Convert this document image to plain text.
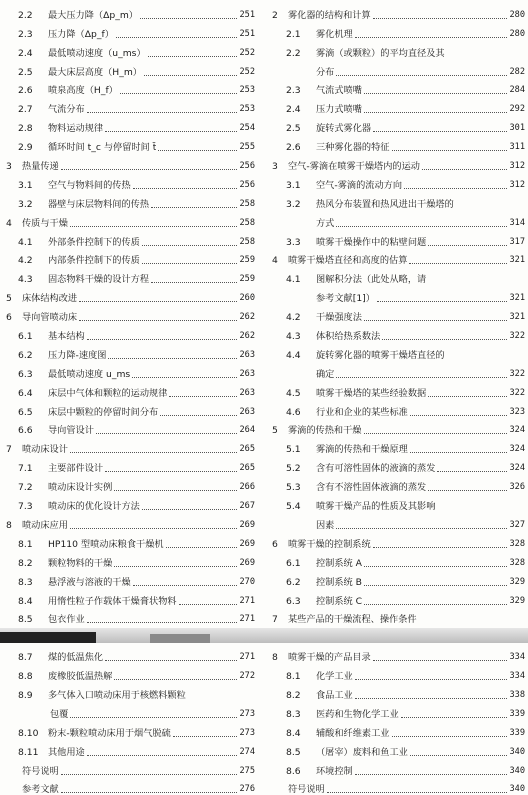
2.2	最大压力降（Δp_m）	251
2.3	压力降（Δp_f）	251
2.4	最低喷动速度（u_ms）	252
2.5	最大床层高度（H_m）	252
2.6	喷泉高度（H_f）	253
2.7	气流分布	253
2.8	物料运动规律	254
2.9	循环时间 t_c 与停留时间 t̄	255
3	热量传递	256
3.1	空气与物料间的传热	256
3.2	器壁与床层物料间的传热	258
4	传质与干燥	258
4.1	外部条件控制下的传质	258
4.2	内部条件控制下的传质	259
4.3	固态物料干燥的设计方程	259
5	床体结构改进	260
6	导向管喷动床	262
6.1	基本结构	262
6.2	压力降-速度图	263
6.3	最低喷动速度 u_ms	263
6.4	床层中气体和颗粒的运动规律	263
6.5	床层中颗粒的停留时间分布	263
6.6	导向管设计	264
7	喷动床设计	265
7.1	主要部件设计	265
7.2	喷动床设计实例	266
7.3	喷动床的优化设计方法	267
8	喷动床应用	269
8.1	HP110 型喷动床粮食干燥机	269
8.2	颗粒物料的干燥	269
8.3	悬浮液与溶液的干燥	270
8.4	用惰性粒子作载体干燥膏状物料	271
8.5	包衣作业	271
8.7	煤的低温焦化	271
8.8	废橡胶低温热解	272
8.9	多气体入口喷动床用于核燃料颗粒
包覆	273
8.10	粉末-颗粒喷动床用于烟气脱硫	273
8.11	其他用途	274
符号说明	275
参考文献	276
2	雾化器的结构和计算	280
2.1	雾化机理	280
2.2	雾滴（或颗粒）的平均直径及其
分布	282
2.3	气流式喷嘴	284
2.4	压力式喷嘴	292
2.5	旋转式雾化器	301
2.6	三种雾化器的特征	311
3	空气-雾滴在喷雾干燥塔内的运动	312
3.1	空气-雾滴的流动方向	312
3.2	热风分布装置和热风进出干燥塔的
方式	314
3.3	喷雾干燥操作中的粘壁问题	317
4	喷雾干燥塔直径和高度的估算	321
4.1	图解积分法（此处从略，请
参考文献[1]）	321
4.2	干燥强度法	321
4.3	体积给热系数法	322
4.4	旋转雾化器的喷雾干燥塔直径的
确定	322
4.5	喷雾干燥塔的某些经验数据	322
4.6	行业和企业的某些标准	323
5	雾滴的传热和干燥	324
5.1	雾滴的传热和干燥原理	324
5.2	含有可溶性固体的液滴的蒸发	324
5.3	含有不溶性固体液滴的蒸发	326
5.4	喷雾干燥产品的性质及其影响
因素	327
6	喷雾干燥的控制系统	328
6.1	控制系统 A	328
6.2	控制系统 B	329
6.3	控制系统 C	329
7	某些产品的干燥流程、操作条件
8	喷雾干燥的产品目录	334
8.1	化学工业	334
8.2	食品工业	338
8.3	医药和生物化学工业	339
8.4	辅酸和纤维素工业	339
8.5	（屠宰）废料和鱼工业	340
8.6	环境控制	340
符号说明	340
